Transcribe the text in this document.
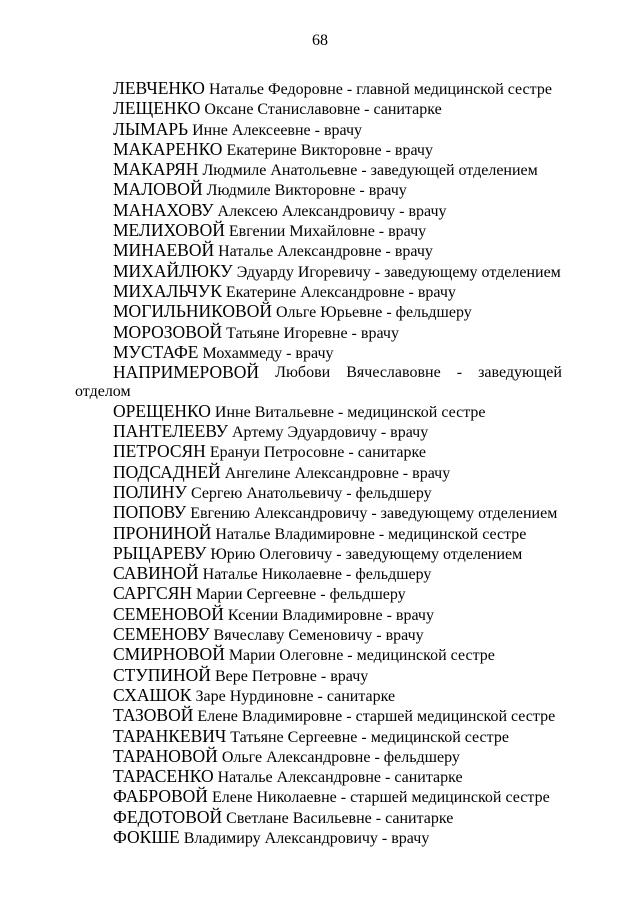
68
ЛЕВЧЕНКО Наталье Федоровне - главной медицинской сестре
ЛЕЩЕНКО Оксане Станиславовне - санитарке
ЛЫМАРЬ Инне Алексеевне - врачу
МАКАРЕНКО Екатерине Викторовне - врачу
МАКАРЯН Людмиле Анатольевне - заведующей отделением
МАЛОВОЙ Людмиле Викторовне - врачу
МАНАХОВУ Алексею Александровичу - врачу
МЕЛИХОВОЙ Евгении Михайловне - врачу
МИНАЕВОЙ Наталье Александровне - врачу
МИХАЙЛЮКУ Эдуарду Игоревичу - заведующему отделением
МИХАЛЬЧУК Екатерине Александровне - врачу
МОГИЛЬНИКОВОЙ Ольге Юрьевне - фельдшеру
МОРОЗОВОЙ Татьяне Игоревне - врачу
МУСТАФЕ Мохаммеду - врачу
НАПРИМЕРОВОЙ Любови Вячеславовне - заведующей
отделом
ОРЕЩЕНКО Инне Витальевне - медицинской сестре
ПАНТЕЛЕЕВУ Артему Эдуардовичу - врачу
ПЕТРОСЯН Ерануи Петросовне - санитарке
ПОДСАДНЕЙ Ангелине Александровне - врачу
ПОЛИНУ Сергею Анатольевичу - фельдшеру
ПОПОВУ Евгению Александровичу - заведующему отделением
ПРОНИНОЙ Наталье Владимировне - медицинской сестре
РЫЦАРЕВУ Юрию Олеговичу - заведующему отделением
САВИНОЙ Наталье Николаевне - фельдшеру
САРГСЯН Марии Сергеевне - фельдшеру
СЕМЕНОВОЙ Ксении Владимировне - врачу
СЕМЕНОВУ Вячеславу Семеновичу - врачу
СМИРНОВОЙ Марии Олеговне - медицинской сестре
СТУПИНОЙ Вере Петровне - врачу
СХАШОК Заре Нурдиновне - санитарке
ТАЗОВОЙ Елене Владимировне - старшей медицинской сестре
ТАРАНКЕВИЧ Татьяне Сергеевне - медицинской сестре
ТАРАНОВОЙ Ольге Александровне - фельдшеру
ТАРАСЕНКО Наталье Александровне - санитарке
ФАБРОВОЙ Елене Николаевне - старшей медицинской сестре
ФЕДОТОВОЙ Светлане Васильевне - санитарке
ФОКШЕ Владимиру Александровичу - врачу
